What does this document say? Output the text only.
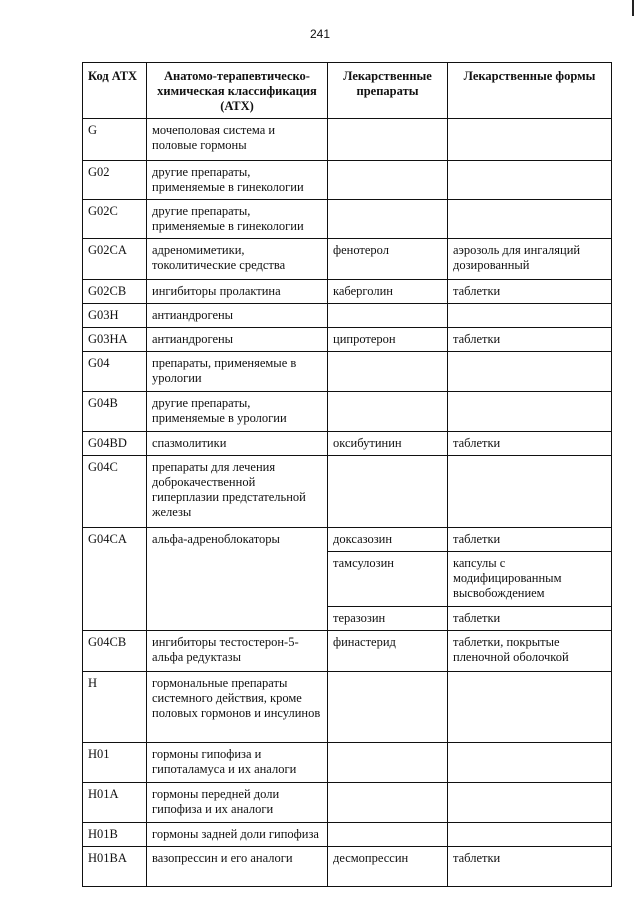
241
Код АТХ	Анатомо-терапевтическо-химическая классификация (АТХ)	Лекарственные препараты	Лекарственные формы
G	мочеполовая система и половые гормоны		
G02	другие препараты, применяемые в гинекологии		
G02C	другие препараты, применяемые в гинекологии		
G02CA	адреномиметики, токолитические средства	фенотерол	аэрозоль для ингаляций дозированный
G02CB	ингибиторы пролактина	каберголин	таблетки
G03H	антиандрогены		
G03HA	антиандрогены	ципротерон	таблетки
G04	препараты, применяемые в урологии		
G04B	другие препараты, применяемые в урологии		
G04BD	спазмолитики	оксибутинин	таблетки
G04C	препараты для лечения доброкачественной гиперплазии предстательной железы		
G04CA	альфа-адреноблокаторы	доксазозин	таблетки
		тамсулозин	капсулы с модифицированным высвобождением
		теразозин	таблетки
G04CB	ингибиторы тестостерон-5-альфа редуктазы	финастерид	таблетки, покрытые пленочной оболочкой
H	гормональные препараты системного действия, кроме половых гормонов и инсулинов		
H01	гормоны гипофиза и гипоталамуса и их аналоги		
H01A	гормоны передней доли гипофиза и их аналоги		
H01B	гормоны задней доли гипофиза		
H01BA	вазопрессин и его аналоги	десмопрессин	таблетки
